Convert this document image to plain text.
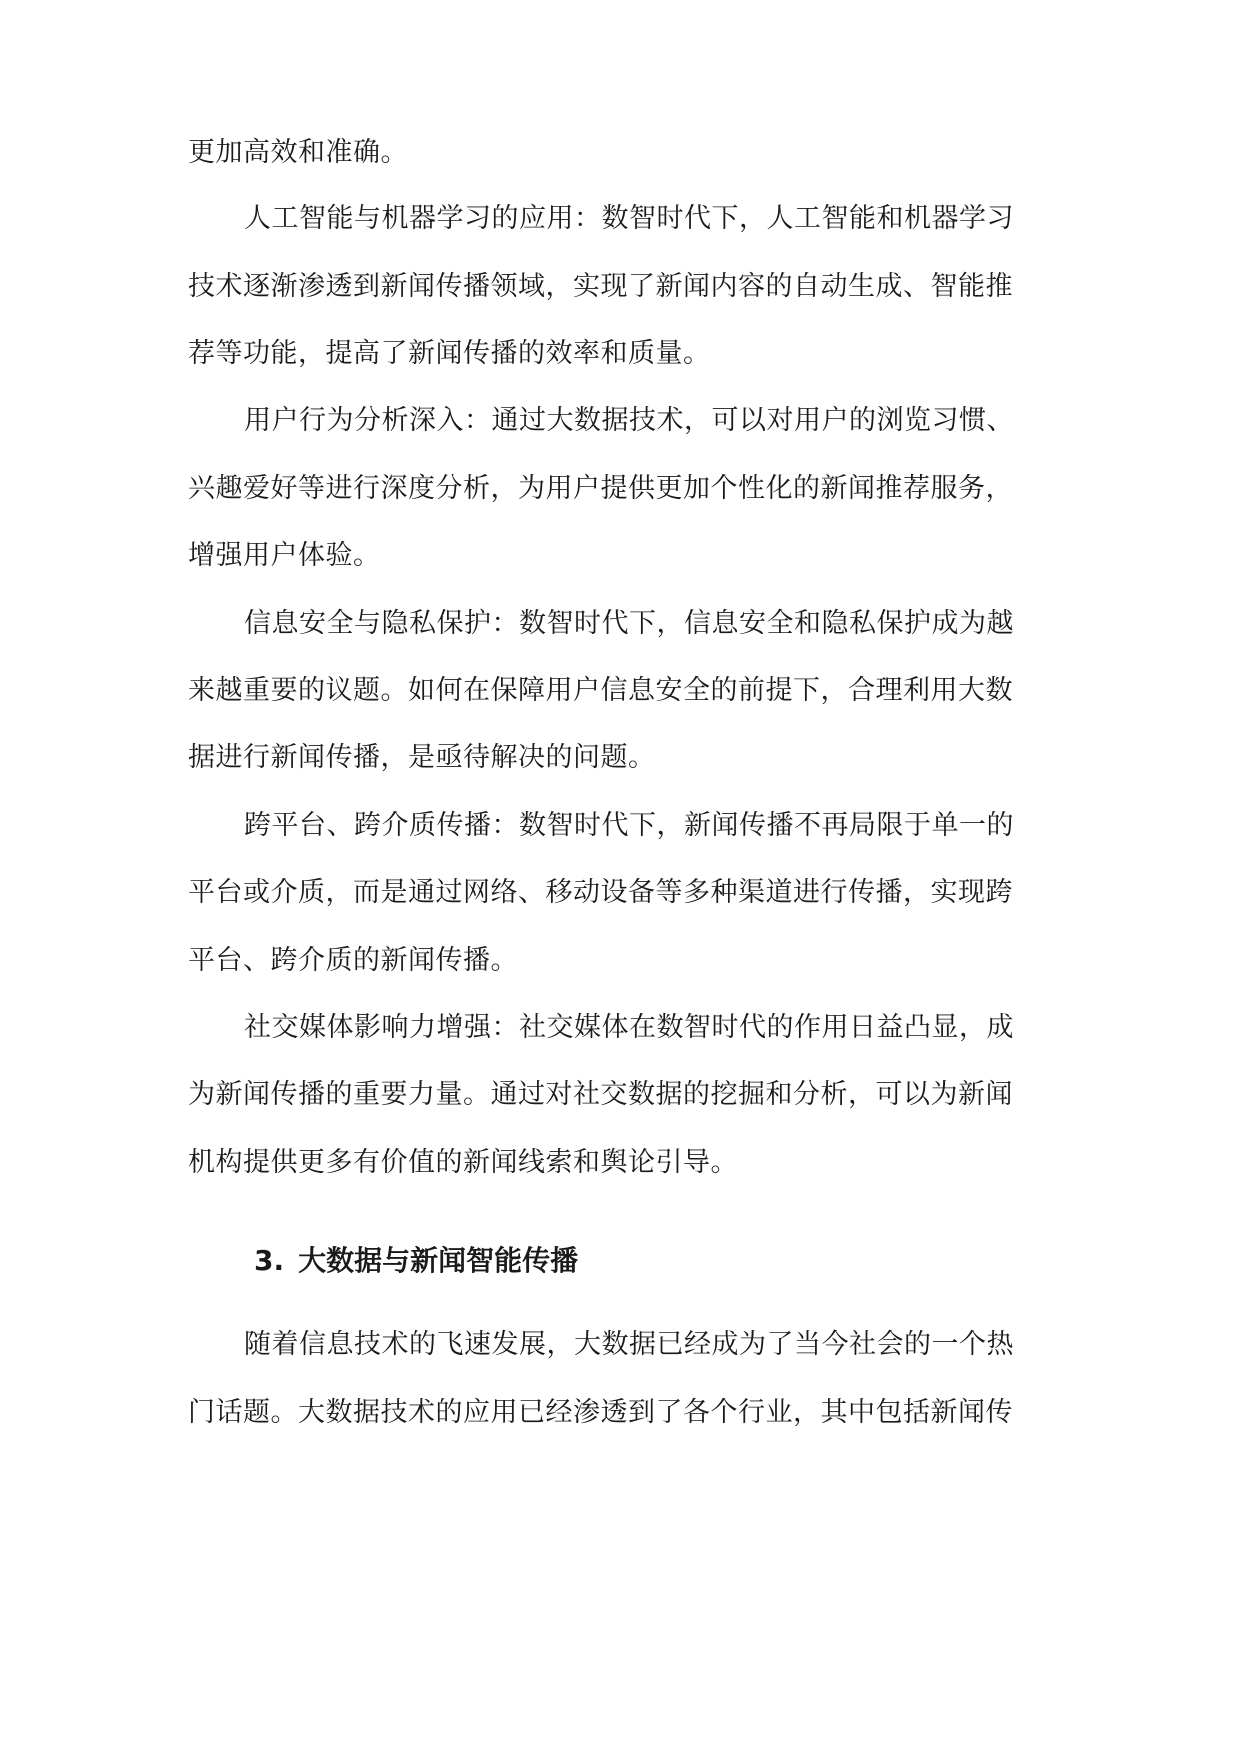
更加高效和准确。
人工智能与机器学习的应用：数智时代下，人工智能和机器学习
技术逐渐渗透到新闻传播领域，实现了新闻内容的自动生成、智能推
荐等功能，提高了新闻传播的效率和质量。
用户行为分析深入：通过大数据技术，可以对用户的浏览习惯、
兴趣爱好等进行深度分析，为用户提供更加个性化的新闻推荐服务，
增强用户体验。
信息安全与隐私保护：数智时代下，信息安全和隐私保护成为越
来越重要的议题。如何在保障用户信息安全的前提下，合理利用大数
据进行新闻传播，是亟待解决的问题。
跨平台、跨介质传播：数智时代下，新闻传播不再局限于单一的
平台或介质，而是通过网络、移动设备等多种渠道进行传播，实现跨
平台、跨介质的新闻传播。
社交媒体影响力增强：社交媒体在数智时代的作用日益凸显，成
为新闻传播的重要力量。通过对社交数据的挖掘和分析，可以为新闻
机构提供更多有价值的新闻线索和舆论引导。
3. 大数据与新闻智能传播
随着信息技术的飞速发展，大数据已经成为了当今社会的一个热
门话题。大数据技术的应用已经渗透到了各个行业，其中包括新闻传
